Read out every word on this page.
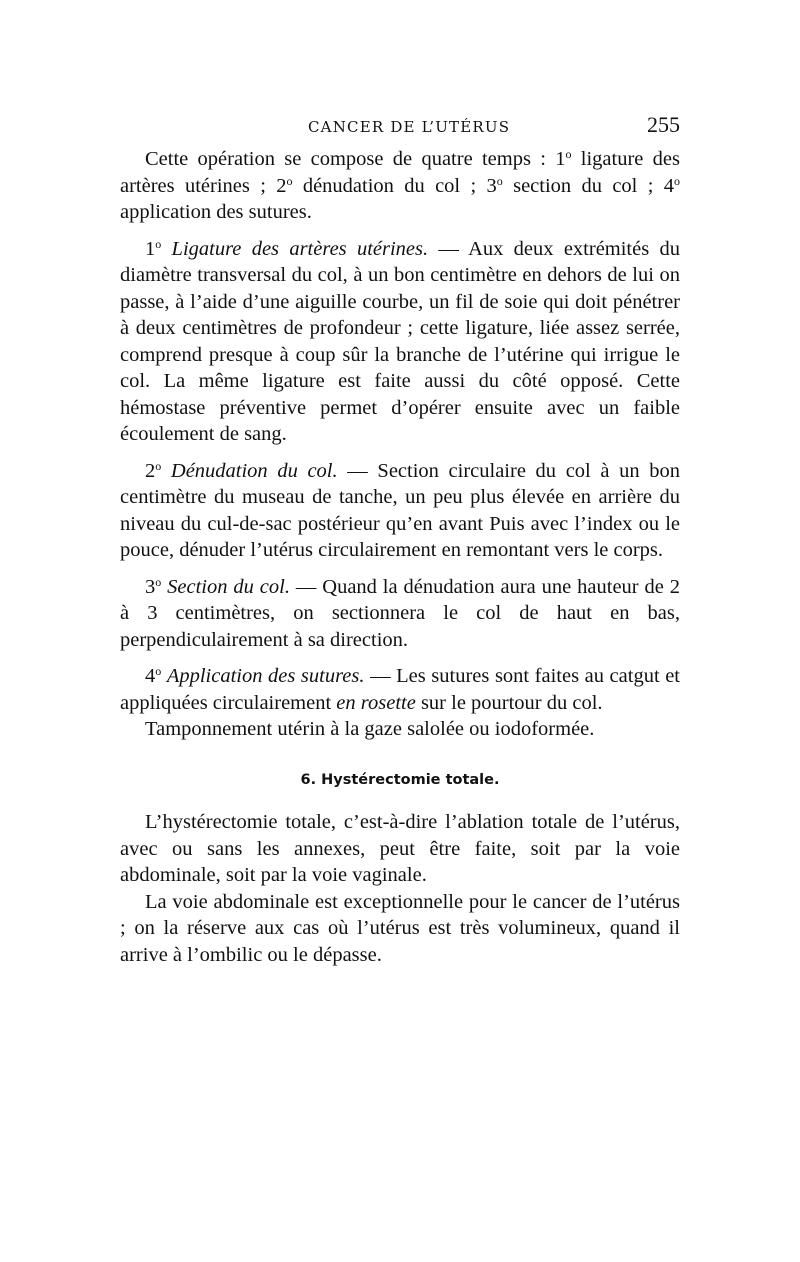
CANCER DE L’UTÉRUS	255

Cette opération se compose de quatre temps : 1$^o$ ligature des artères utérines ; 2$^o$ dénudation du col ; 3$^o$ section du col ; 4$^o$ application des sutures.

1$^o$ Ligature des artères utérines. — Aux deux extrémités du diamètre transversal du col, à un bon centimètre en dehors de lui on passe, à l’aide d’une aiguille courbe, un fil de soie qui doit pénétrer à deux centimètres de profondeur ; cette ligature, liée assez serrée, comprend presque à coup sûr la branche de l’utérine qui irrigue le col. La même ligature est faite aussi du côté opposé. Cette hémostase préventive permet d’opérer ensuite avec un faible écoulement de sang.

2$^o$ Dénudation du col. — Section circulaire du col à un bon centimètre du museau de tanche, un peu plus élevée en arrière du niveau du cul-de-sac postérieur qu’en avant Puis avec l’index ou le pouce, dénuder l’utérus circulairement en remontant vers le corps.

3$^o$ Section du col. — Quand la dénudation aura une hauteur de 2 à 3 centimètres, on sectionnera le col de haut en bas, perpendiculairement à sa direction.

4$^o$ Application des sutures. — Les sutures sont faites au catgut et appliquées circulairement en rosette sur le pourtour du col.

Tamponnement utérin à la gaze salolée ou iodoformée.

6. Hystérectomie totale.

L’hystérectomie totale, c’est-à-dire l’ablation totale de l’utérus, avec ou sans les annexes, peut être faite, soit par la voie abdominale, soit par la voie vaginale.

La voie abdominale est exceptionnelle pour le cancer de l’utérus ; on la réserve aux cas où l’utérus est très volumineux, quand il arrive à l’ombilic ou le dépasse.
